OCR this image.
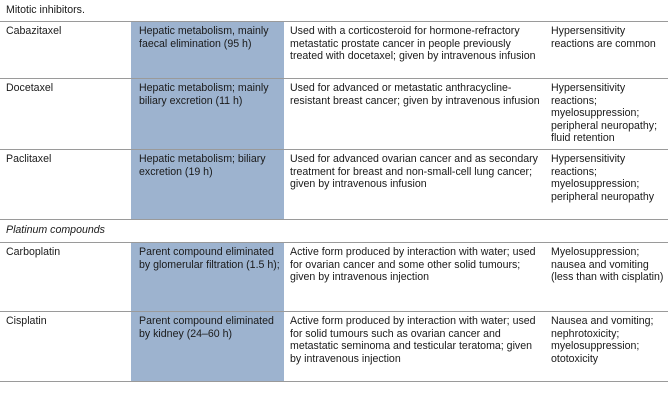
Mitotic inhibitors.			
Cabazitaxel	Hepatic metabolism, mainly faecal elimination (95 h)	Used with a corticosteroid for hormone-refractory metastatic prostate cancer in people previously treated with docetaxel; given by intravenous infusion	Hypersensitivity reactions are common
Docetaxel	Hepatic metabolism; mainly biliary excretion (11 h)	Used for advanced or metastatic anthracycline-resistant breast cancer; given by intravenous infusion	Hypersensitivity reactions; myelosuppression; peripheral neuropathy; fluid retention
Paclitaxel	Hepatic metabolism; biliary excretion (19 h)	Used for advanced ovarian cancer and as secondary treatment for breast and non-small-cell lung cancer; given by intravenous infusion	Hypersensitivity reactions; myelosuppression; peripheral neuropathy
Platinum compounds			
Carboplatin	Parent compound eliminated by glomerular filtration (1.5 h);	Active form produced by interaction with water; used for ovarian cancer and some other solid tumours; given by intravenous injection	Myelosuppression; nausea and vomiting (less than with cisplatin)
Cisplatin	Parent compound eliminated by kidney (24–60 h)	Active form produced by interaction with water; used for solid tumours such as ovarian cancer and metastatic seminoma and testicular teratoma; given by intravenous injection	Nausea and vomiting; nephrotoxicity; myelosuppression; ototoxicity
